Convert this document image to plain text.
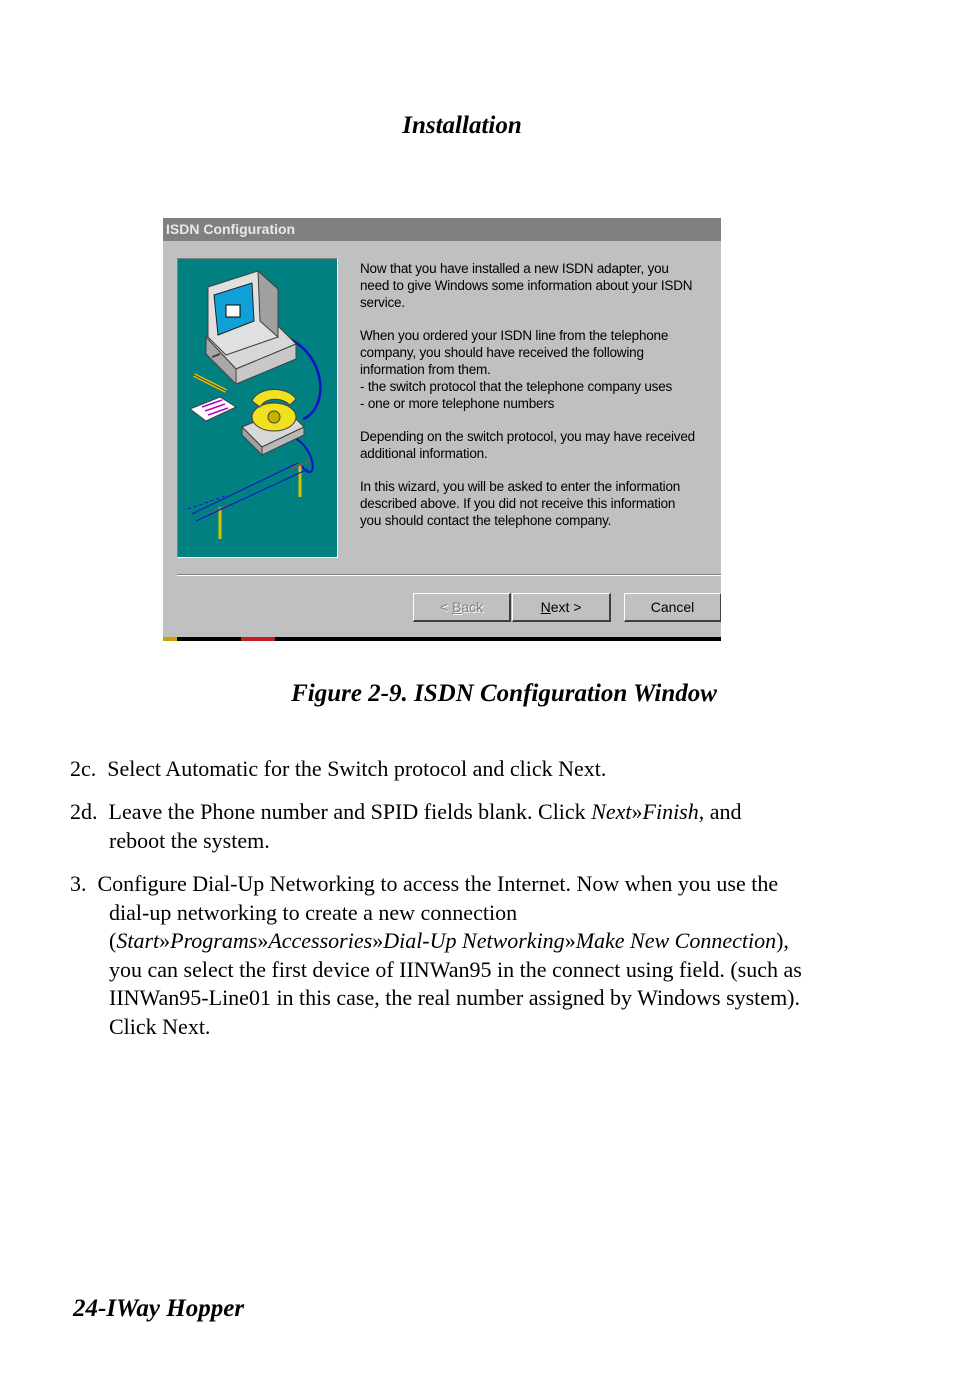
Installation
ISDN Configuration

Now that you have installed a new ISDN adapter, you
need to give Windows some information about your ISDN
service.

When you ordered your ISDN line from the telephone
company, you should have received the following
information from them.
- the switch protocol that the telephone company uses
- one or more telephone numbers

Depending on the switch protocol, you may have received
additional information.

In this wizard, you will be asked to enter the information
described above. If you did not receive this information
you should contact the telephone company.

< Back	Next >	Cancel
Figure 2-9. ISDN Configuration Window

2c. Select Automatic for the Switch protocol and click Next.

2d. Leave the Phone number and SPID fields blank. Click Next»Finish, and
reboot the system.

3. Configure Dial-Up Networking to access the Internet. Now when you use the
dial-up networking to create a new connection
(Start»Programs»Accessories»Dial-Up Networking»Make New Connection),
you can select the first device of IINWan95 in the connect using field. (such as
IINWan95-Line01 in this case, the real number assigned by Windows system).
Click Next.

24-IWay Hopper
